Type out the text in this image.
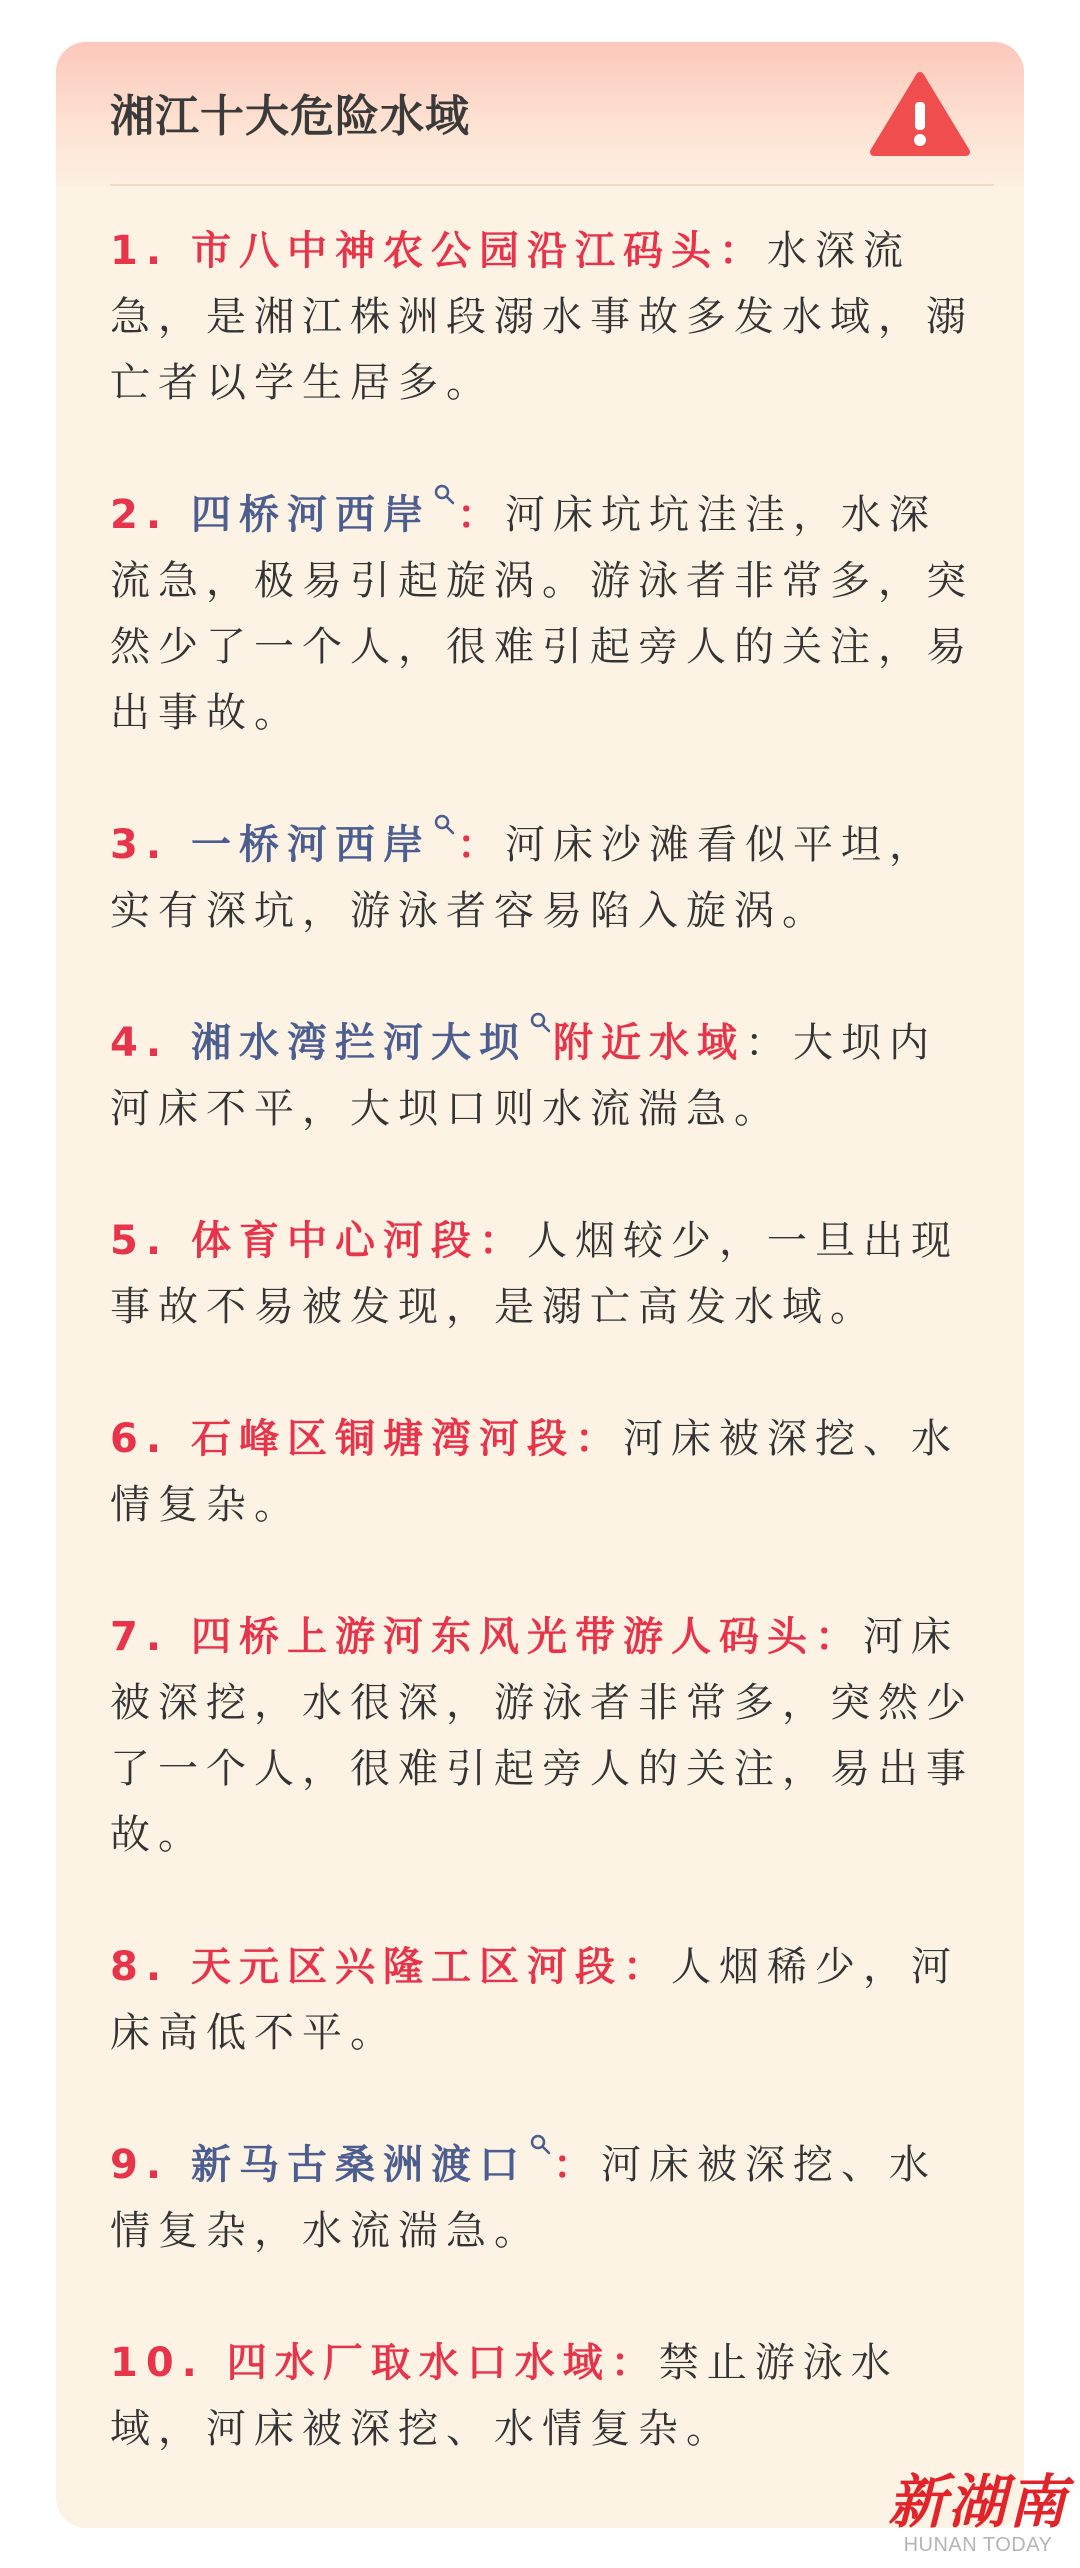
湘江十大危险水域
1. 市八中神农公园沿江码头：水深流急，是湘江株洲段溺水事故多发水域，溺亡者以学生居多。
2. 四桥河西岸 ：河床坑坑洼洼，水深流急，极易引起旋涡。游泳者非常多，突然少了一个人，很难引起旁人的关注，易出事故。
3. 一桥河西岸 ：河床沙滩看似平坦，实有深坑，游泳者容易陷入旋涡。
4. 湘水湾拦河大坝 附近水域：大坝内河床不平，大坝口则水流湍急。
5. 体育中心河段：人烟较少，一旦出现事故不易被发现，是溺亡高发水域。
6. 石峰区铜塘湾河段：河床被深挖、水情复杂。
7. 四桥上游河东风光带游人码头：河床被深挖，水很深，游泳者非常多，突然少了一个人，很难引起旁人的关注，易出事故。
8. 天元区兴隆工区河段：人烟稀少，河床高低不平。
9. 新马古桑洲渡口 ：河床被深挖、水情复杂，水流湍急。
10. 四水厂取水口水域：禁止游泳水域，河床被深挖、水情复杂。
新湖南
HUNAN TODAY
